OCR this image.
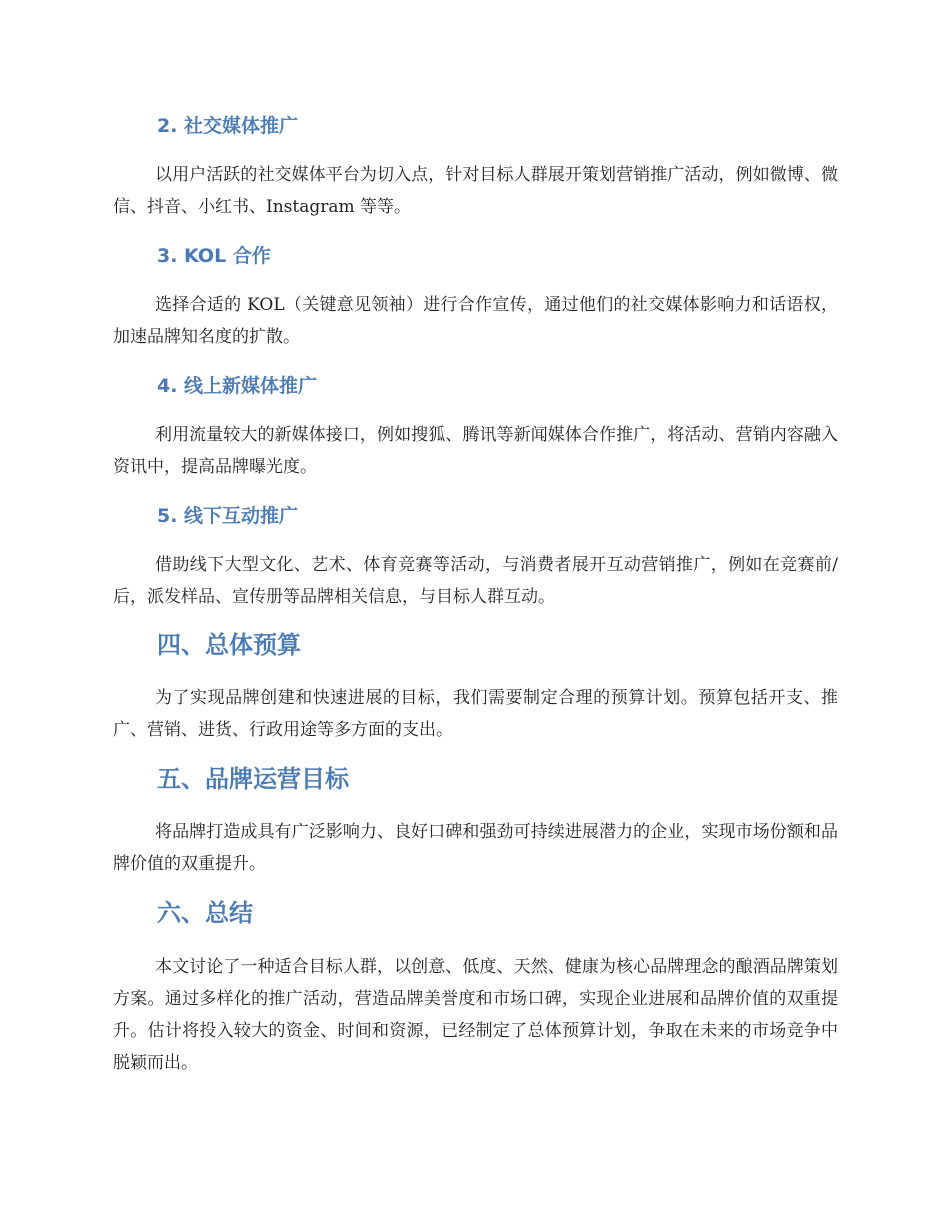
2. 社交媒体推广

以用户活跃的社交媒体平台为切入点，针对目标人群展开策划营销推广活动，例如微博、微信、抖音、小红书、Instagram 等等。

3. KOL 合作

选择合适的 KOL（关键意见领袖）进行合作宣传，通过他们的社交媒体影响力和话语权，加速品牌知名度的扩散。

4. 线上新媒体推广

利用流量较大的新媒体接口，例如搜狐、腾讯等新闻媒体合作推广，将活动、营销内容融入资讯中，提高品牌曝光度。

5. 线下互动推广

借助线下大型文化、艺术、体育竞赛等活动，与消费者展开互动营销推广，例如在竞赛前/后，派发样品、宣传册等品牌相关信息，与目标人群互动。

四、总体预算

为了实现品牌创建和快速进展的目标，我们需要制定合理的预算计划。预算包括开支、推广、营销、进货、行政用途等多方面的支出。

五、品牌运营目标

将品牌打造成具有广泛影响力、良好口碑和强劲可持续进展潜力的企业，实现市场份额和品牌价值的双重提升。

六、总结

本文讨论了一种适合目标人群，以创意、低度、天然、健康为核心品牌理念的酿酒品牌策划方案。通过多样化的推广活动，营造品牌美誉度和市场口碑，实现企业进展和品牌价值的双重提升。估计将投入较大的资金、时间和资源，已经制定了总体预算计划，争取在未来的市场竞争中脱颖而出。
